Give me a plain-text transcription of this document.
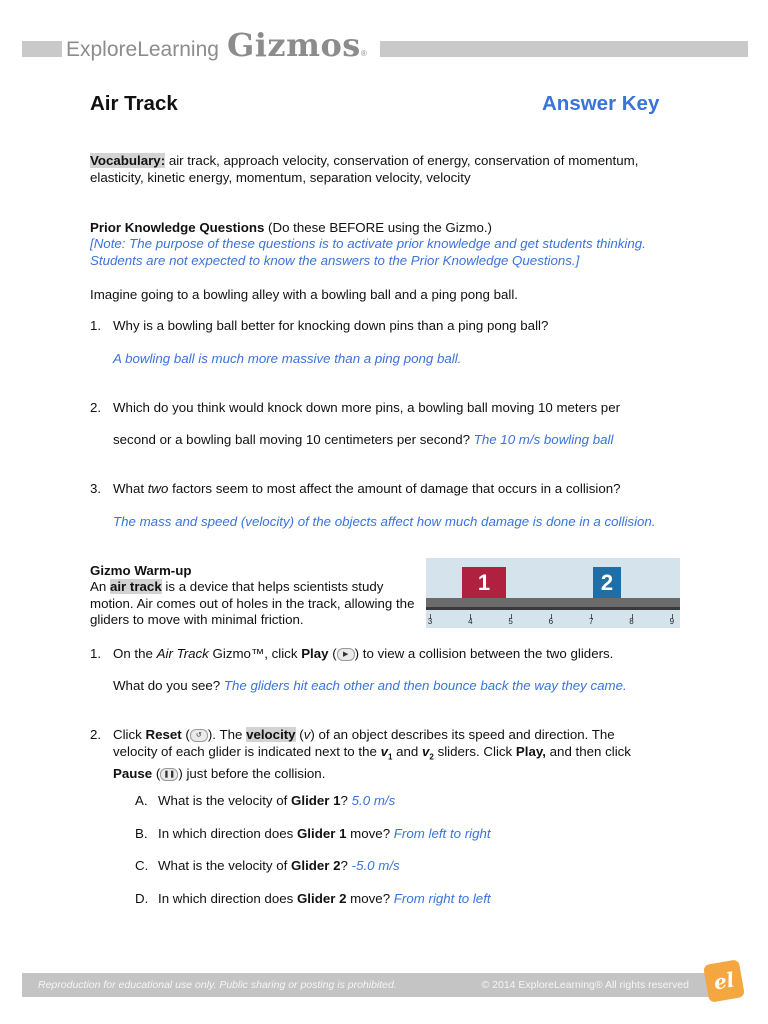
ExploreLearning Gizmos ®
Air Track	Answer Key
Vocabulary: air track, approach velocity, conservation of energy, conservation of momentum, elasticity, kinetic energy, momentum, separation velocity, velocity
Prior Knowledge Questions (Do these BEFORE using the Gizmo.)
[Note: The purpose of these questions is to activate prior knowledge and get students thinking. Students are not expected to know the answers to the Prior Knowledge Questions.]
Imagine going to a bowling alley with a bowling ball and a ping pong ball.
1. Why is a bowling ball better for knocking down pins than a ping pong ball?
A bowling ball is much more massive than a ping pong ball.
2. Which do you think would knock down more pins, a bowling ball moving 10 meters per
second or a bowling ball moving 10 centimeters per second? The 10 m/s bowling ball
3. What two factors seem to most affect the amount of damage that occurs in a collision?
The mass and speed (velocity) of the objects affect how much damage is done in a collision.
Gizmo Warm-up
An air track is a device that helps scientists study motion. Air comes out of holes in the track, allowing the gliders to move with minimal friction.
1	2
3	4	5	6	7	8	9
1. On the Air Track Gizmo™, click Play ( ▶ ) to view a collision between the two gliders.
What do you see? The gliders hit each other and then bounce back the way they came.
2. Click Reset ( ↺ ). The velocity (v) of an object describes its speed and direction. The velocity of each glider is indicated next to the $v_1$ and $v_2$ sliders. Click Play, and then click Pause ( ❚❚ ) just before the collision.
A. What is the velocity of Glider 1? 5.0 m/s
B. In which direction does Glider 1 move? From left to right
C. What is the velocity of Glider 2? -5.0 m/s
D. In which direction does Glider 2 move? From right to left
Reproduction for educational use only. Public sharing or posting is prohibited.	© 2014 ExploreLearning® All rights reserved	el
